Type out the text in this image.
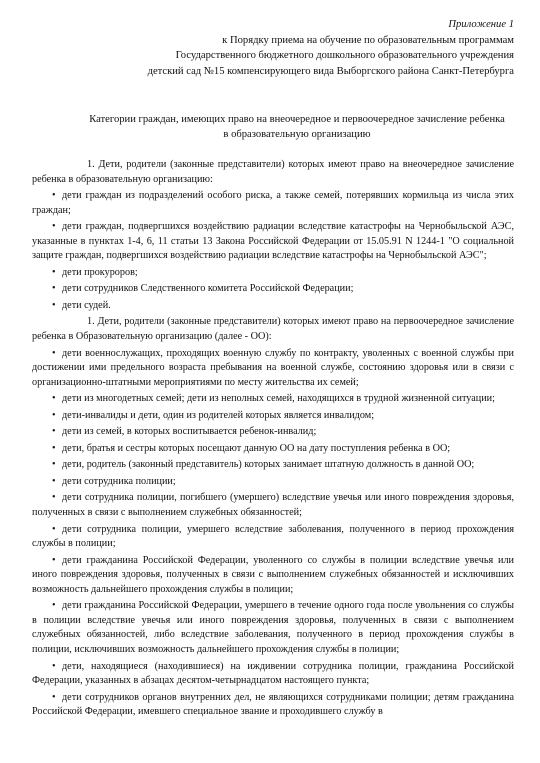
Приложение 1
к Порядку приема на обучение по образовательным программам
Государственного бюджетного дошкольного образовательного учреждения
детский сад №15 компенсирующего вида Выборгского района Санкт-Петербурга
Категории граждан, имеющих право на внеочередное и первоочередное зачисление ребенка
в образовательную организацию

1. Дети, родители (законные представители) которых имеют право на внеочередное зачисление ребенка в образовательную организацию:

• дети граждан из подразделений особого риска, а также семей, потерявших кормильца из числа этих граждан;

• дети граждан, подвергшихся воздействию радиации вследствие катастрофы на Чернобыльской АЭС, указанные в пунктах 1-4, 6, 11 статьи 13 Закона Российской Федерации от 15.05.91 N 1244-1 "О социальной защите граждан, подвергшихся воздействию радиации вследствие катастрофы на Чернобыльской АЭС";

• дети прокуроров;

• дети сотрудников Следственного комитета Российской Федерации;

• дети судей.

1. Дети, родители (законные представители) которых имеют право на первоочередное зачисление ребенка в Образовательную организацию (далее - ОО):

• дети военнослужащих, проходящих военную службу по контракту, уволенных с военной службы при достижении ими предельного возраста пребывания на военной службе, состоянию здоровья или в связи с организационно-штатными мероприятиями по месту жительства их семей;

• дети из многодетных семей; дети из неполных семей, находящихся в трудной жизненной ситуации;

• дети-инвалиды и дети, один из родителей которых является инвалидом;

• дети из семей, в которых воспитывается ребенок-инвалид;

• дети, братья и сестры которых посещают данную ОО на дату поступления ребенка в ОО;

• дети, родитель (законный представитель) которых занимает штатную должность в данной ОО;

• дети сотрудника полиции;

• дети сотрудника полиции, погибшего (умершего) вследствие увечья или иного повреждения здоровья, полученных в связи с выполнением служебных обязанностей;

• дети сотрудника полиции, умершего вследствие заболевания, полученного в период прохождения службы в полиции;

• дети гражданина Российской Федерации, уволенного со службы в полиции вследствие увечья или иного повреждения здоровья, полученных в связи с выполнением служебных обязанностей и исключивших возможность дальнейшего прохождения службы в полиции;

• дети гражданина Российской Федерации, умершего в течение одного года после увольнения со службы в полиции вследствие увечья или иного повреждения здоровья, полученных в связи с выполнением служебных обязанностей, либо вследствие заболевания, полученного в период прохождения службы в полиции, исключивших возможность дальнейшего прохождения службы в полиции;

• дети, находящиеся (находившиеся) на иждивении сотрудника полиции, гражданина Российской Федерации, указанных в абзацах десятом-четырнадцатом настоящего пункта;

• дети сотрудников органов внутренних дел, не являющихся сотрудниками полиции; детям гражданина Российской Федерации, имевшего специальное звание и проходившего службу в
